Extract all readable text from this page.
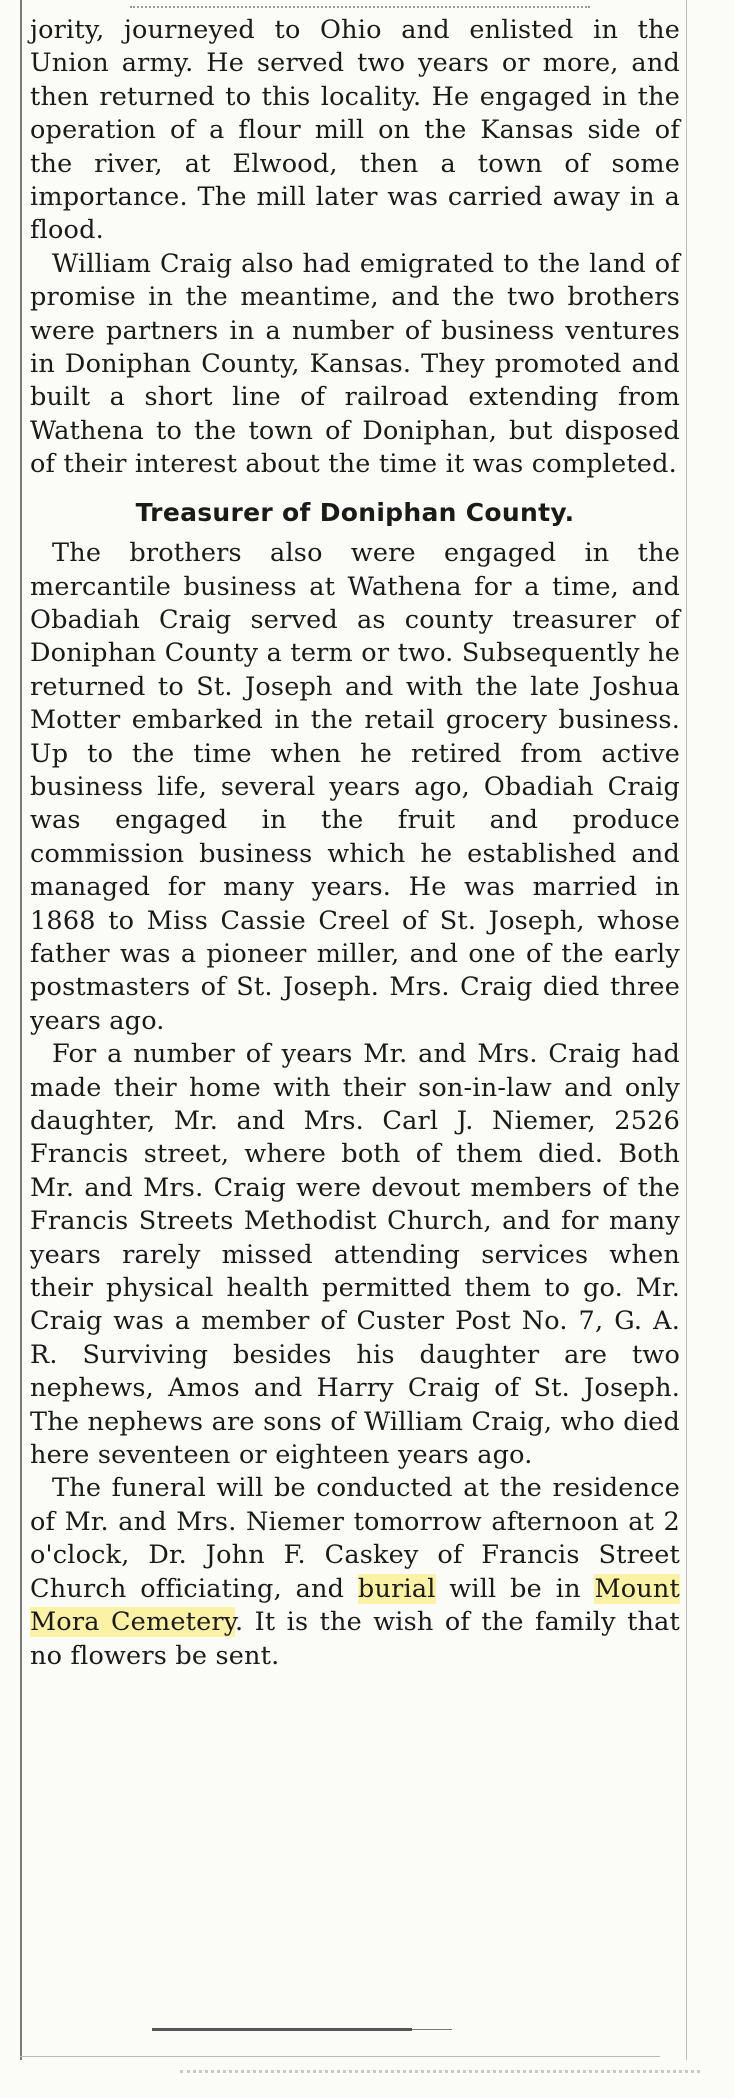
jority, journeyed to Ohio and enlisted in the Union army. He served two years or more, and then returned to this locality. He engaged in the operation of a flour mill on the Kansas side of the river, at Elwood, then a town of some importance. The mill later was carried away in a flood.

William Craig also had emigrated to the land of promise in the meantime, and the two brothers were partners in a number of business ventures in Doniphan County, Kansas. They promoted and built a short line of railroad extending from Wathena to the town of Doniphan, but disposed of their interest about the time it was completed.

Treasurer of Doniphan County.

The brothers also were engaged in the mercantile business at Wathena for a time, and Obadiah Craig served as county treasurer of Doniphan County a term or two. Subsequently he returned to St. Joseph and with the late Joshua Motter embarked in the retail grocery business. Up to the time when he retired from active business life, several years ago, Obadiah Craig was engaged in the fruit and produce commission business which he established and managed for many years. He was married in 1868 to Miss Cassie Creel of St. Joseph, whose father was a pioneer miller, and one of the early postmasters of St. Joseph. Mrs. Craig died three years ago.

For a number of years Mr. and Mrs. Craig had made their home with their son-in-law and only daughter, Mr. and Mrs. Carl J. Niemer, 2526 Francis street, where both of them died. Both Mr. and Mrs. Craig were devout members of the Francis Streets Methodist Church, and for many years rarely missed attending services when their physical health permitted them to go. Mr. Craig was a member of Custer Post No. 7, G. A. R. Surviving besides his daughter are two nephews, Amos and Harry Craig of St. Joseph. The nephews are sons of William Craig, who died here seventeen or eighteen years ago.

The funeral will be conducted at the residence of Mr. and Mrs. Niemer tomorrow afternoon at 2 o'clock, Dr. John F. Caskey of Francis Street Church officiating, and burial will be in Mount Mora Cemetery. It is the wish of the family that no flowers be sent.
